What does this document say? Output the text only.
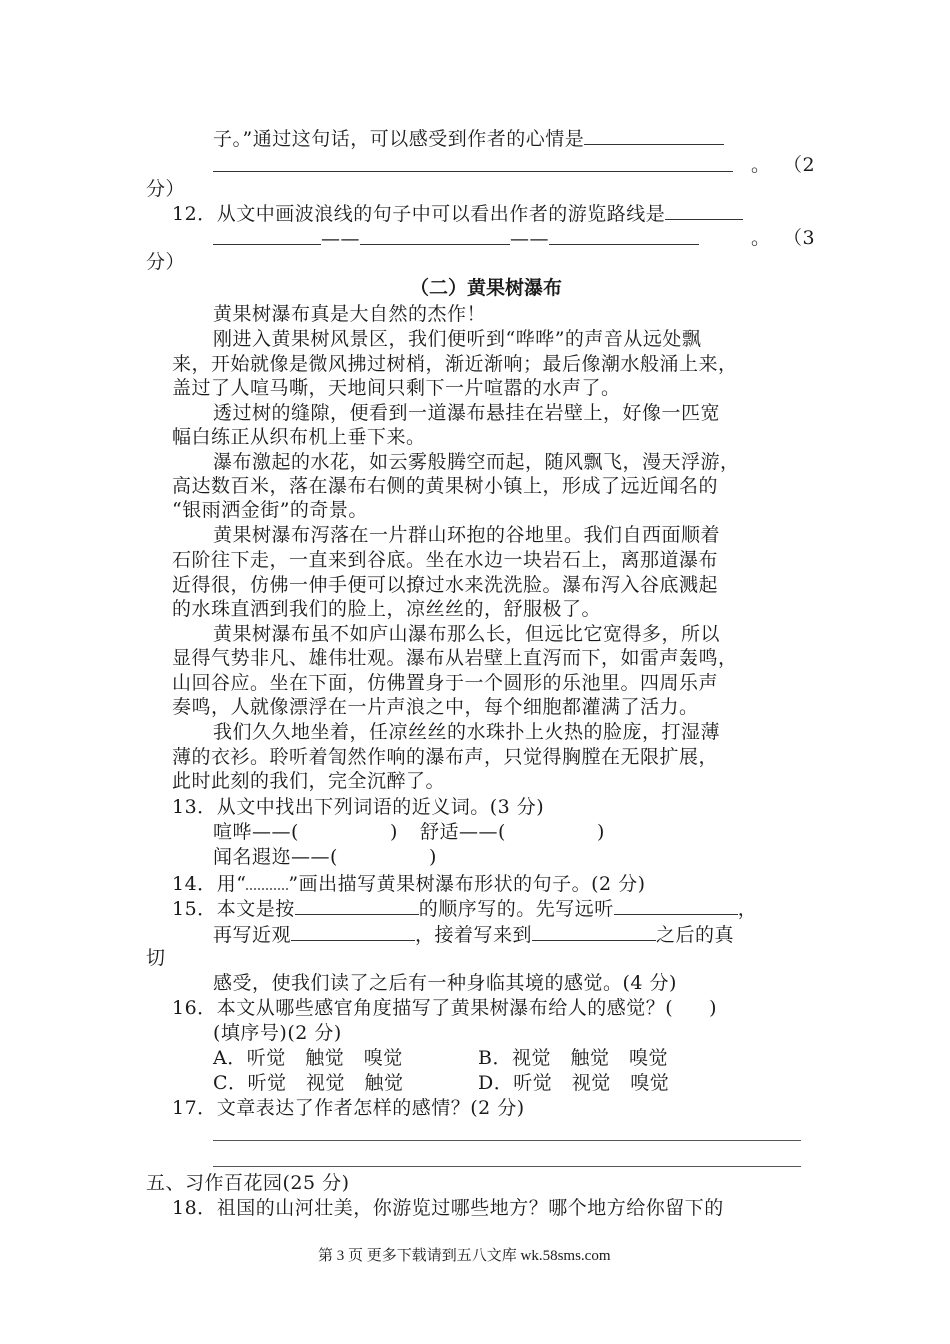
子。”通过这句话，可以感受到作者的心情是
。 （2
分）
12．从文中画波浪线的句子中可以看出作者的游览路线是
——	——	。 （3
分）
（二）黄果树瀑布
黄果树瀑布真是大自然的杰作！
刚进入黄果树风景区，我们便听到“哗哗”的声音从远处飘
来，开始就像是微风拂过树梢，渐近渐响；最后像潮水般涌上来，
盖过了人喧马嘶，天地间只剩下一片喧嚣的水声了。
透过树的缝隙，便看到一道瀑布悬挂在岩壁上，好像一匹宽
幅白练正从织布机上垂下来。
瀑布激起的水花，如云雾般腾空而起，随风飘飞，漫天浮游，
高达数百米，落在瀑布右侧的黄果树小镇上，形成了远近闻名的
“银雨洒金街”的奇景。
黄果树瀑布泻落在一片群山环抱的谷地里。我们自西面顺着
石阶往下走，一直来到谷底。坐在水边一块岩石上，离那道瀑布
近得很，仿佛一伸手便可以撩过水来洗洗脸。瀑布泻入谷底溅起
的水珠直洒到我们的脸上，凉丝丝的，舒服极了。
黄果树瀑布虽不如庐山瀑布那么长，但远比它宽得多，所以
显得气势非凡、雄伟壮观。瀑布从岩壁上直泻而下，如雷声轰鸣，
山回谷应。坐在下面，仿佛置身于一个圆形的乐池里。四周乐声
奏鸣，人就像漂浮在一片声浪之中，每个细胞都灌满了活力。
我们久久地坐着，任凉丝丝的水珠扑上火热的脸庞，打湿薄
薄的衣衫。聆听着訇然作响的瀑布声，只觉得胸膛在无限扩展，
此时此刻的我们，完全沉醉了。
13．从文中找出下列词语的近义词。(3 分)
喧哗——(	) 舒适——(	)
闻名遐迩——(	)
14．用“ ”画出描写黄果树瀑布形状的句子。(2 分)
15．本文是按	的顺序写的。先写远听	，
再写近观	，接着写来到	之后的真
切
感受，使我们读了之后有一种身临其境的感觉。(4 分)
16．本文从哪些感官角度描写了黄果树瀑布给人的感觉？( )
(填序号)(2 分)
A．听觉　触觉　嗅觉	B．视觉　触觉　嗅觉
C．听觉　视觉　触觉	D．听觉　视觉　嗅觉
17．文章表达了作者怎样的感情？(2 分)
五、习作百花园(25 分)
18．祖国的山河壮美，你游览过哪些地方？哪个地方给你留下的
第 3 页 更多下载请到五八文库 wk.58sms.com
